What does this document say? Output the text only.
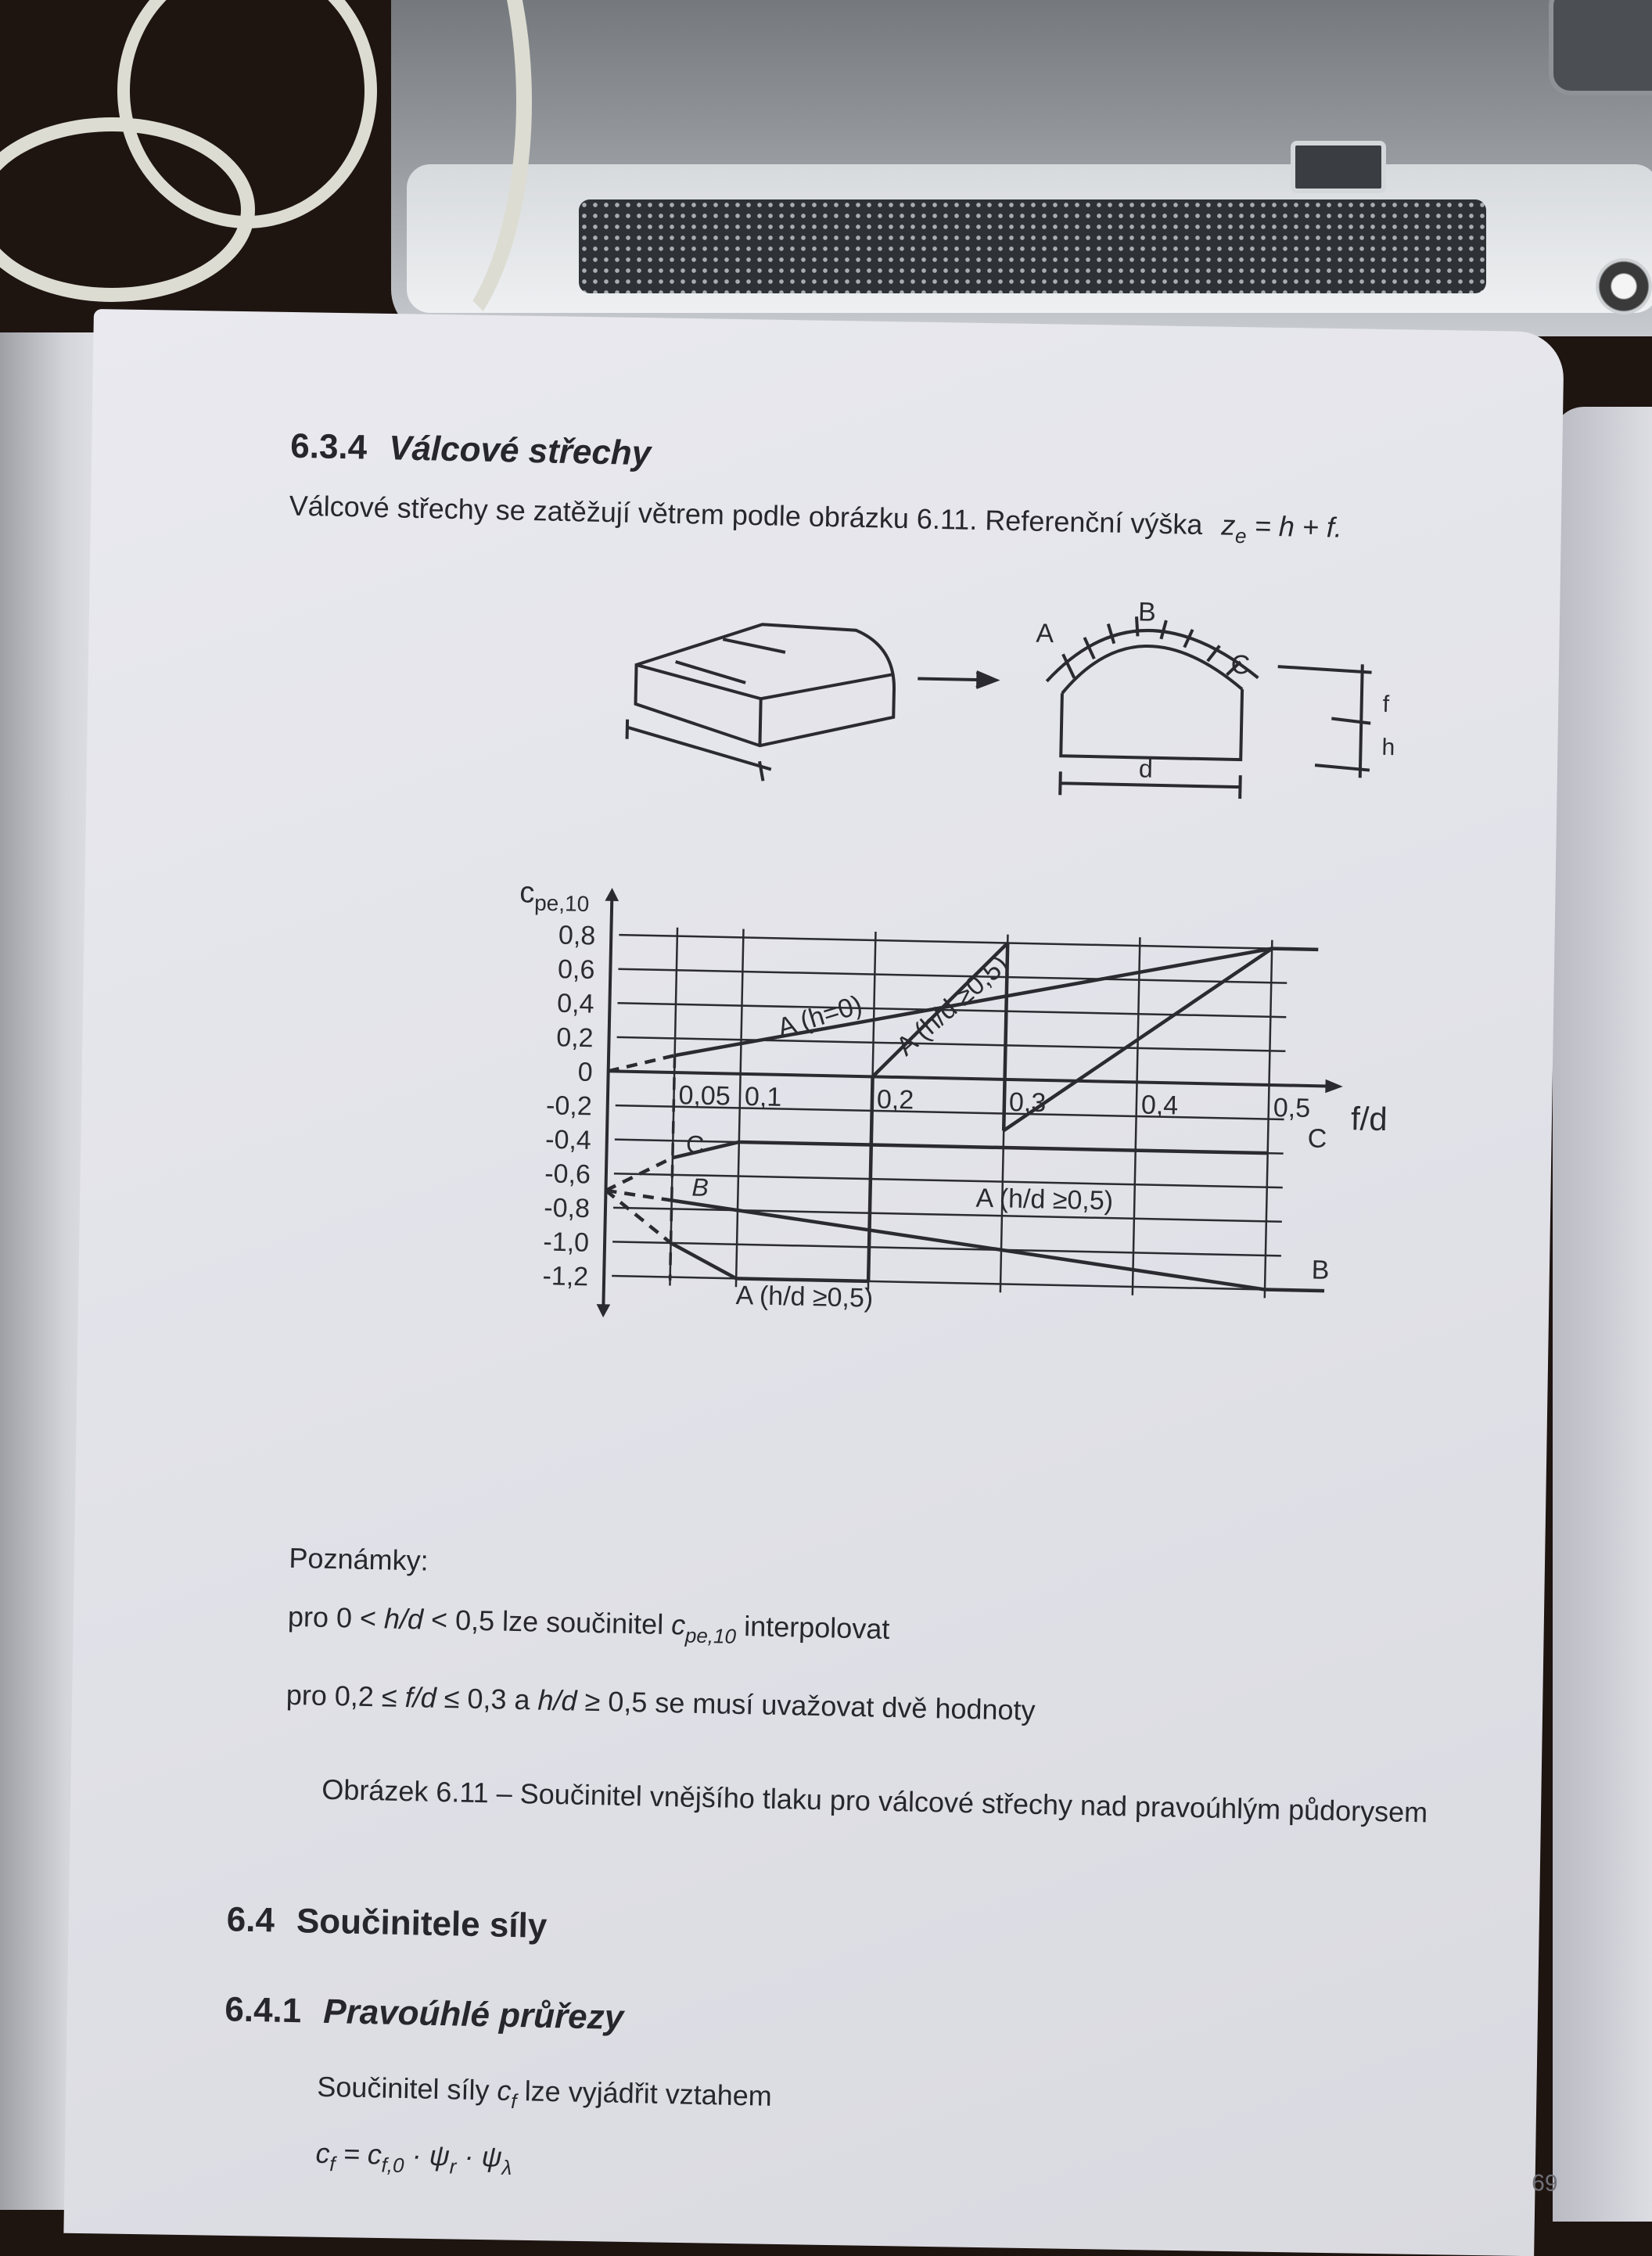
6.3.4 Válcové střechy
Válcové střechy se zatěžují větrem podle obrázku 6.11. Referenční výška $z_e = h + f$.
0,8
0,6
0,4
0,2
0
-0,2
-0,4
-0,6
-0,8
-1,0
-1,2
0,05 0,1	0,2	0,3	0,4	0,5
$c_{pe,10}$
f/d
A (h=0) A (h/d ≥0,5)
A (h/d ≥0,5)
A (h/d ≥0,5)
C
C
B
B
A
B
C
f
h
d
Poznámky:
pro 0 < h/d < 0,5 lze součinitel $c_{pe,10}$ interpolovat
pro 0,2 ≤ f/d ≤ 0,3 a h/d ≥ 0,5 se musí uvažovat dvě hodnoty
Obrázek 6.11 – Součinitel vnějšího tlaku pro válcové střechy nad pravoúhlým půdorysem
6.4 Součinitele síly
6.4.1 Pravoúhlé průřezy
Součinitel síly $c_f$ lze vyjádřit vztahem
$c_f = c_{f,0} \cdot \psi_r \cdot \psi_\lambda$
69
